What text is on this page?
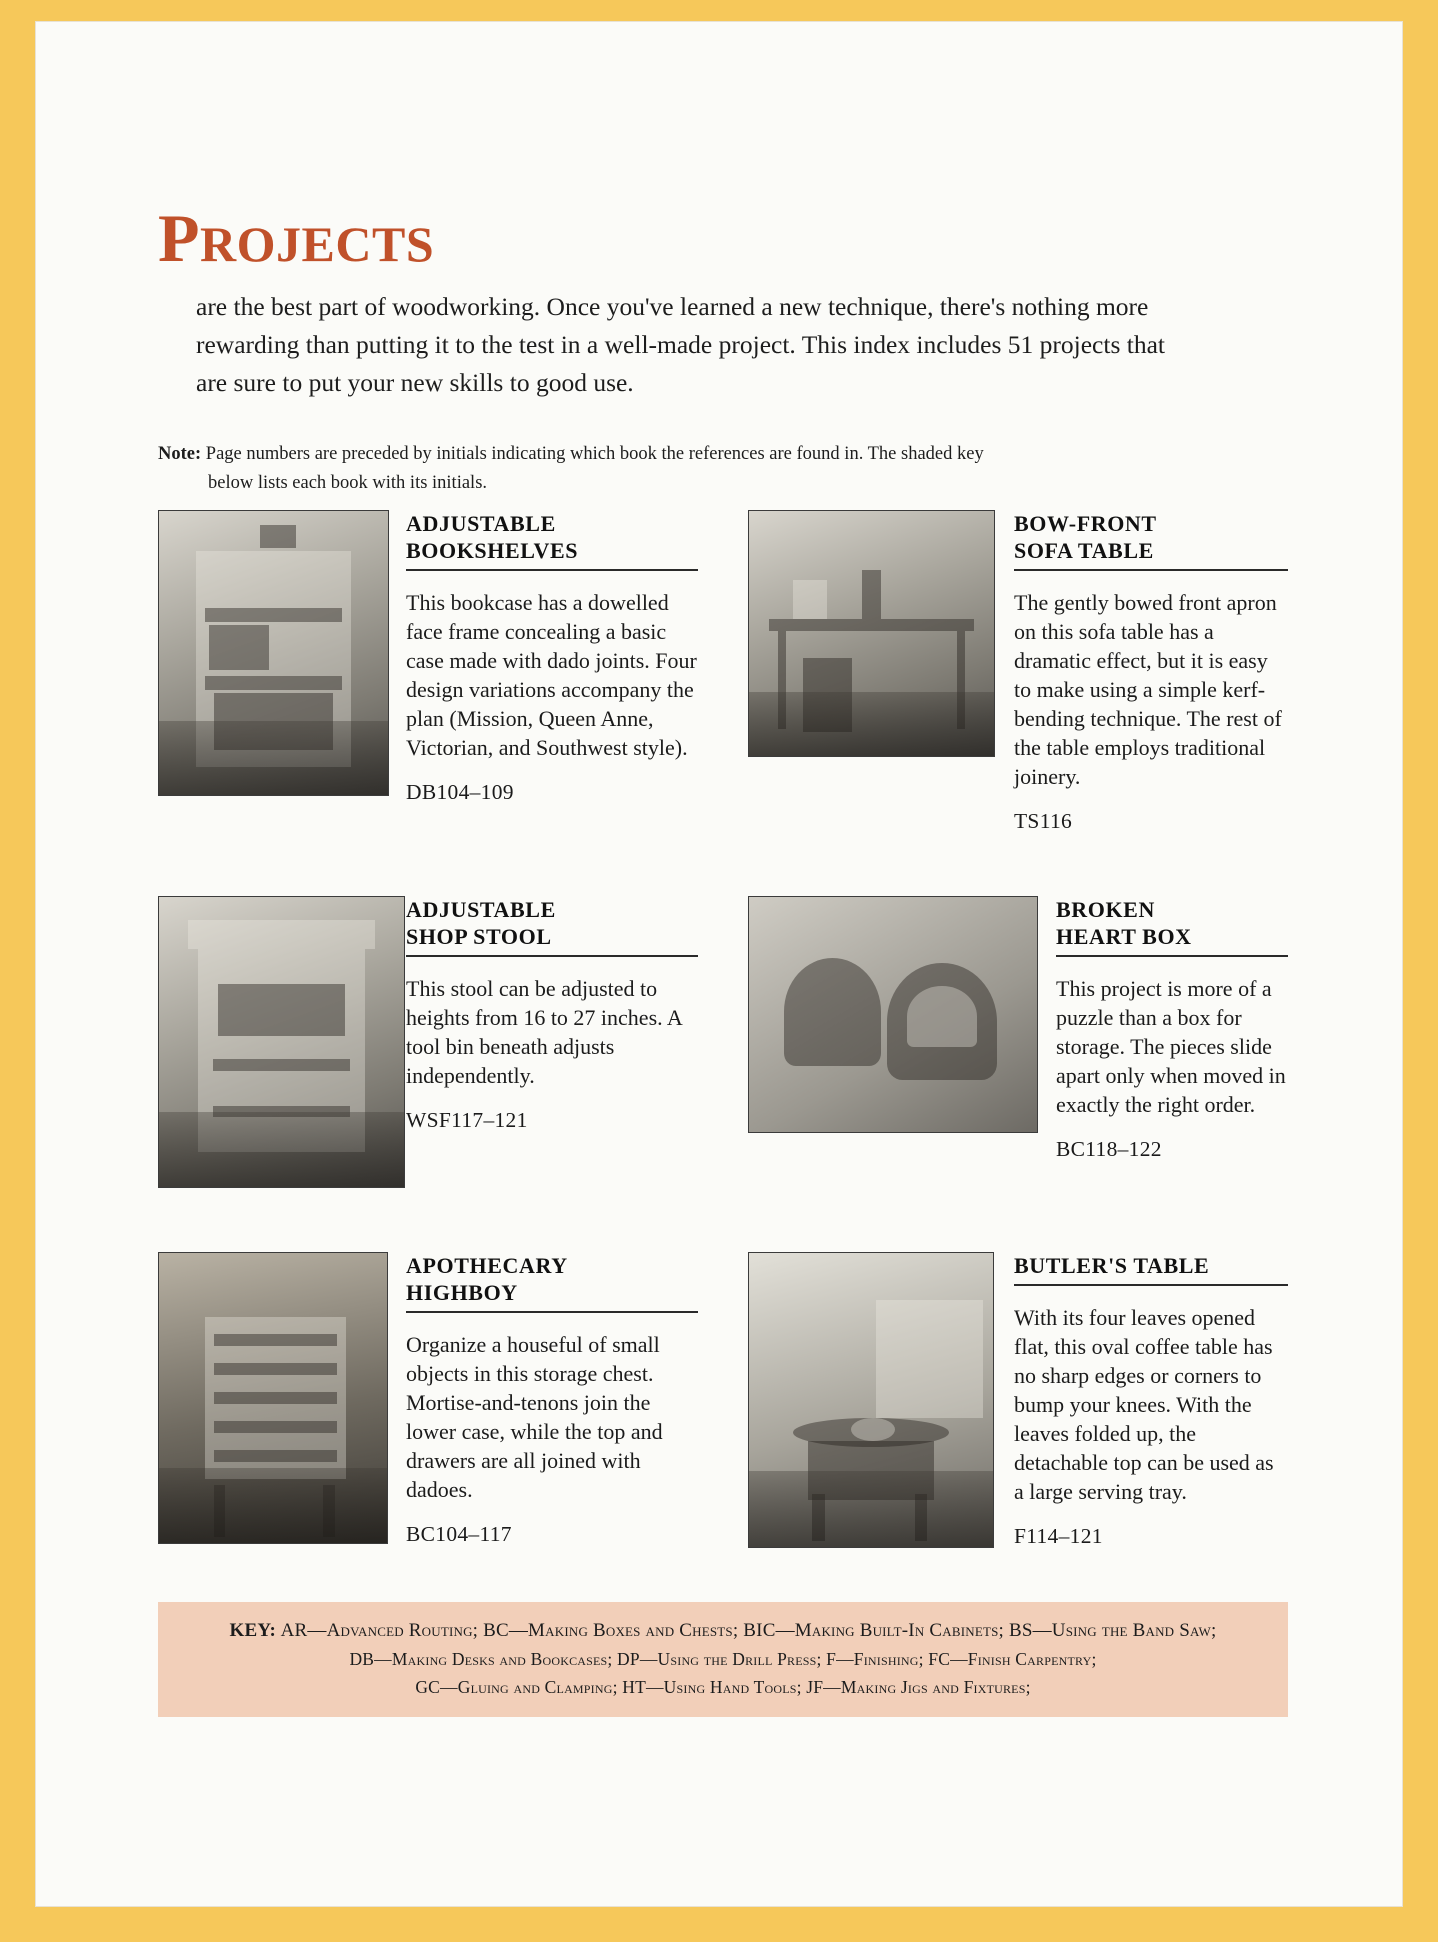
PROJECTS
are the best part of woodworking. Once you've learned a new technique, there's nothing more rewarding than putting it to the test in a well-made project. This index includes 51 projects that are sure to put your new skills to good use.
Note: Page numbers are preceded by initials indicating which book the references are found in. The shaded key
below lists each book with its initials.
ADJUSTABLE
BOOKSHELVES
This bookcase has a dowelled face frame concealing a basic case made with dado joints. Four design variations accompany the plan (Mission, Queen Anne, Victorian, and Southwest style).
DB104–109
BOW-FRONT
SOFA TABLE
The gently bowed front apron on this sofa table has a dramatic effect, but it is easy to make using a simple kerf-bending technique. The rest of the table employs traditional joinery.
TS116
ADJUSTABLE
SHOP STOOL
This stool can be adjusted to heights from 16 to 27 inches. A tool bin beneath adjusts independently.
WSF117–121
BROKEN
HEART BOX
This project is more of a puzzle than a box for storage. The pieces slide apart only when moved in exactly the right order.
BC118–122
APOTHECARY
HIGHBOY
Organize a houseful of small objects in this storage chest. Mortise-and-tenons join the lower case, while the top and drawers are all joined with dadoes.
BC104–117
BUTLER'S TABLE
With its four leaves opened flat, this oval coffee table has no sharp edges or corners to bump your knees. With the leaves folded up, the detachable top can be used as a large serving tray.
F114–121
KEY: AR—Advanced Routing; BC—Making Boxes and Chests; BIC—Making Built-In Cabinets; BS—Using the Band Saw;
DB—Making Desks and Bookcases; DP—Using the Drill Press; F—Finishing; FC—Finish Carpentry;
GC—Gluing and Clamping; HT—Using Hand Tools; JF—Making Jigs and Fixtures;
